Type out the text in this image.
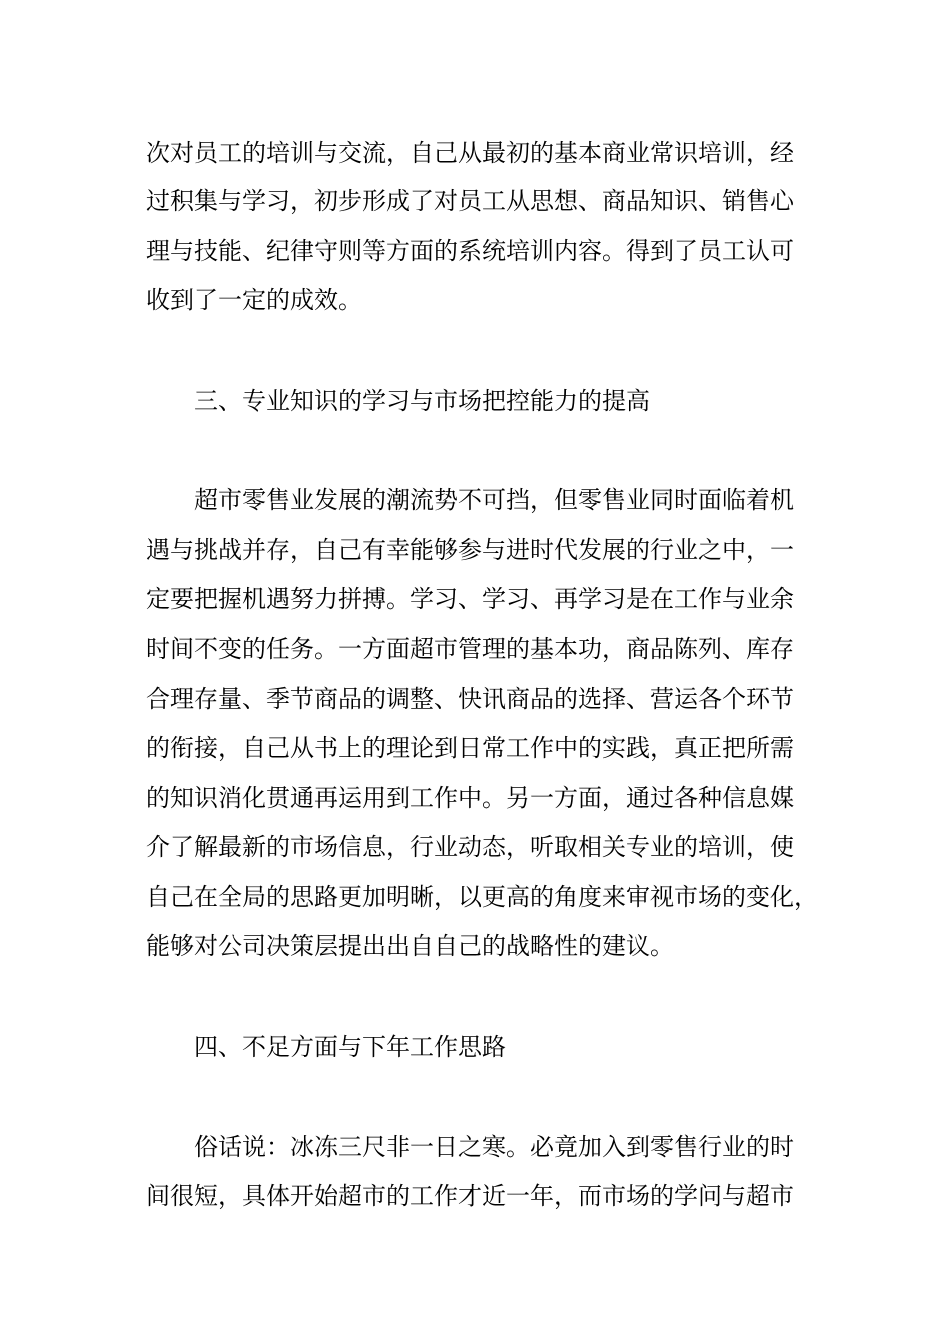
次对员工的培训与交流，自己从最初的基本商业常识培训，经
过积集与学习，初步形成了对员工从思想、商品知识、销售心
理与技能、纪律守则等方面的系统培训内容。得到了员工认可
收到了一定的成效。
三、专业知识的学习与市场把控能力的提高
超市零售业发展的潮流势不可挡，但零售业同时面临着机
遇与挑战并存，自己有幸能够参与进时代发展的行业之中，一
定要把握机遇努力拼搏。学习、学习、再学习是在工作与业余
时间不变的任务。一方面超市管理的基本功，商品陈列、库存
合理存量、季节商品的调整、快讯商品的选择、营运各个环节
的衔接，自己从书上的理论到日常工作中的实践，真正把所需
的知识消化贯通再运用到工作中。另一方面，通过各种信息媒
介了解最新的市场信息，行业动态，听取相关专业的培训，使
自己在全局的思路更加明晰，以更高的角度来审视市场的变化，
能够对公司决策层提出出自自己的战略性的建议。
四、不足方面与下年工作思路
俗话说：冰冻三尺非一日之寒。必竟加入到零售行业的时
间很短，具体开始超市的工作才近一年，而市场的学问与超市
